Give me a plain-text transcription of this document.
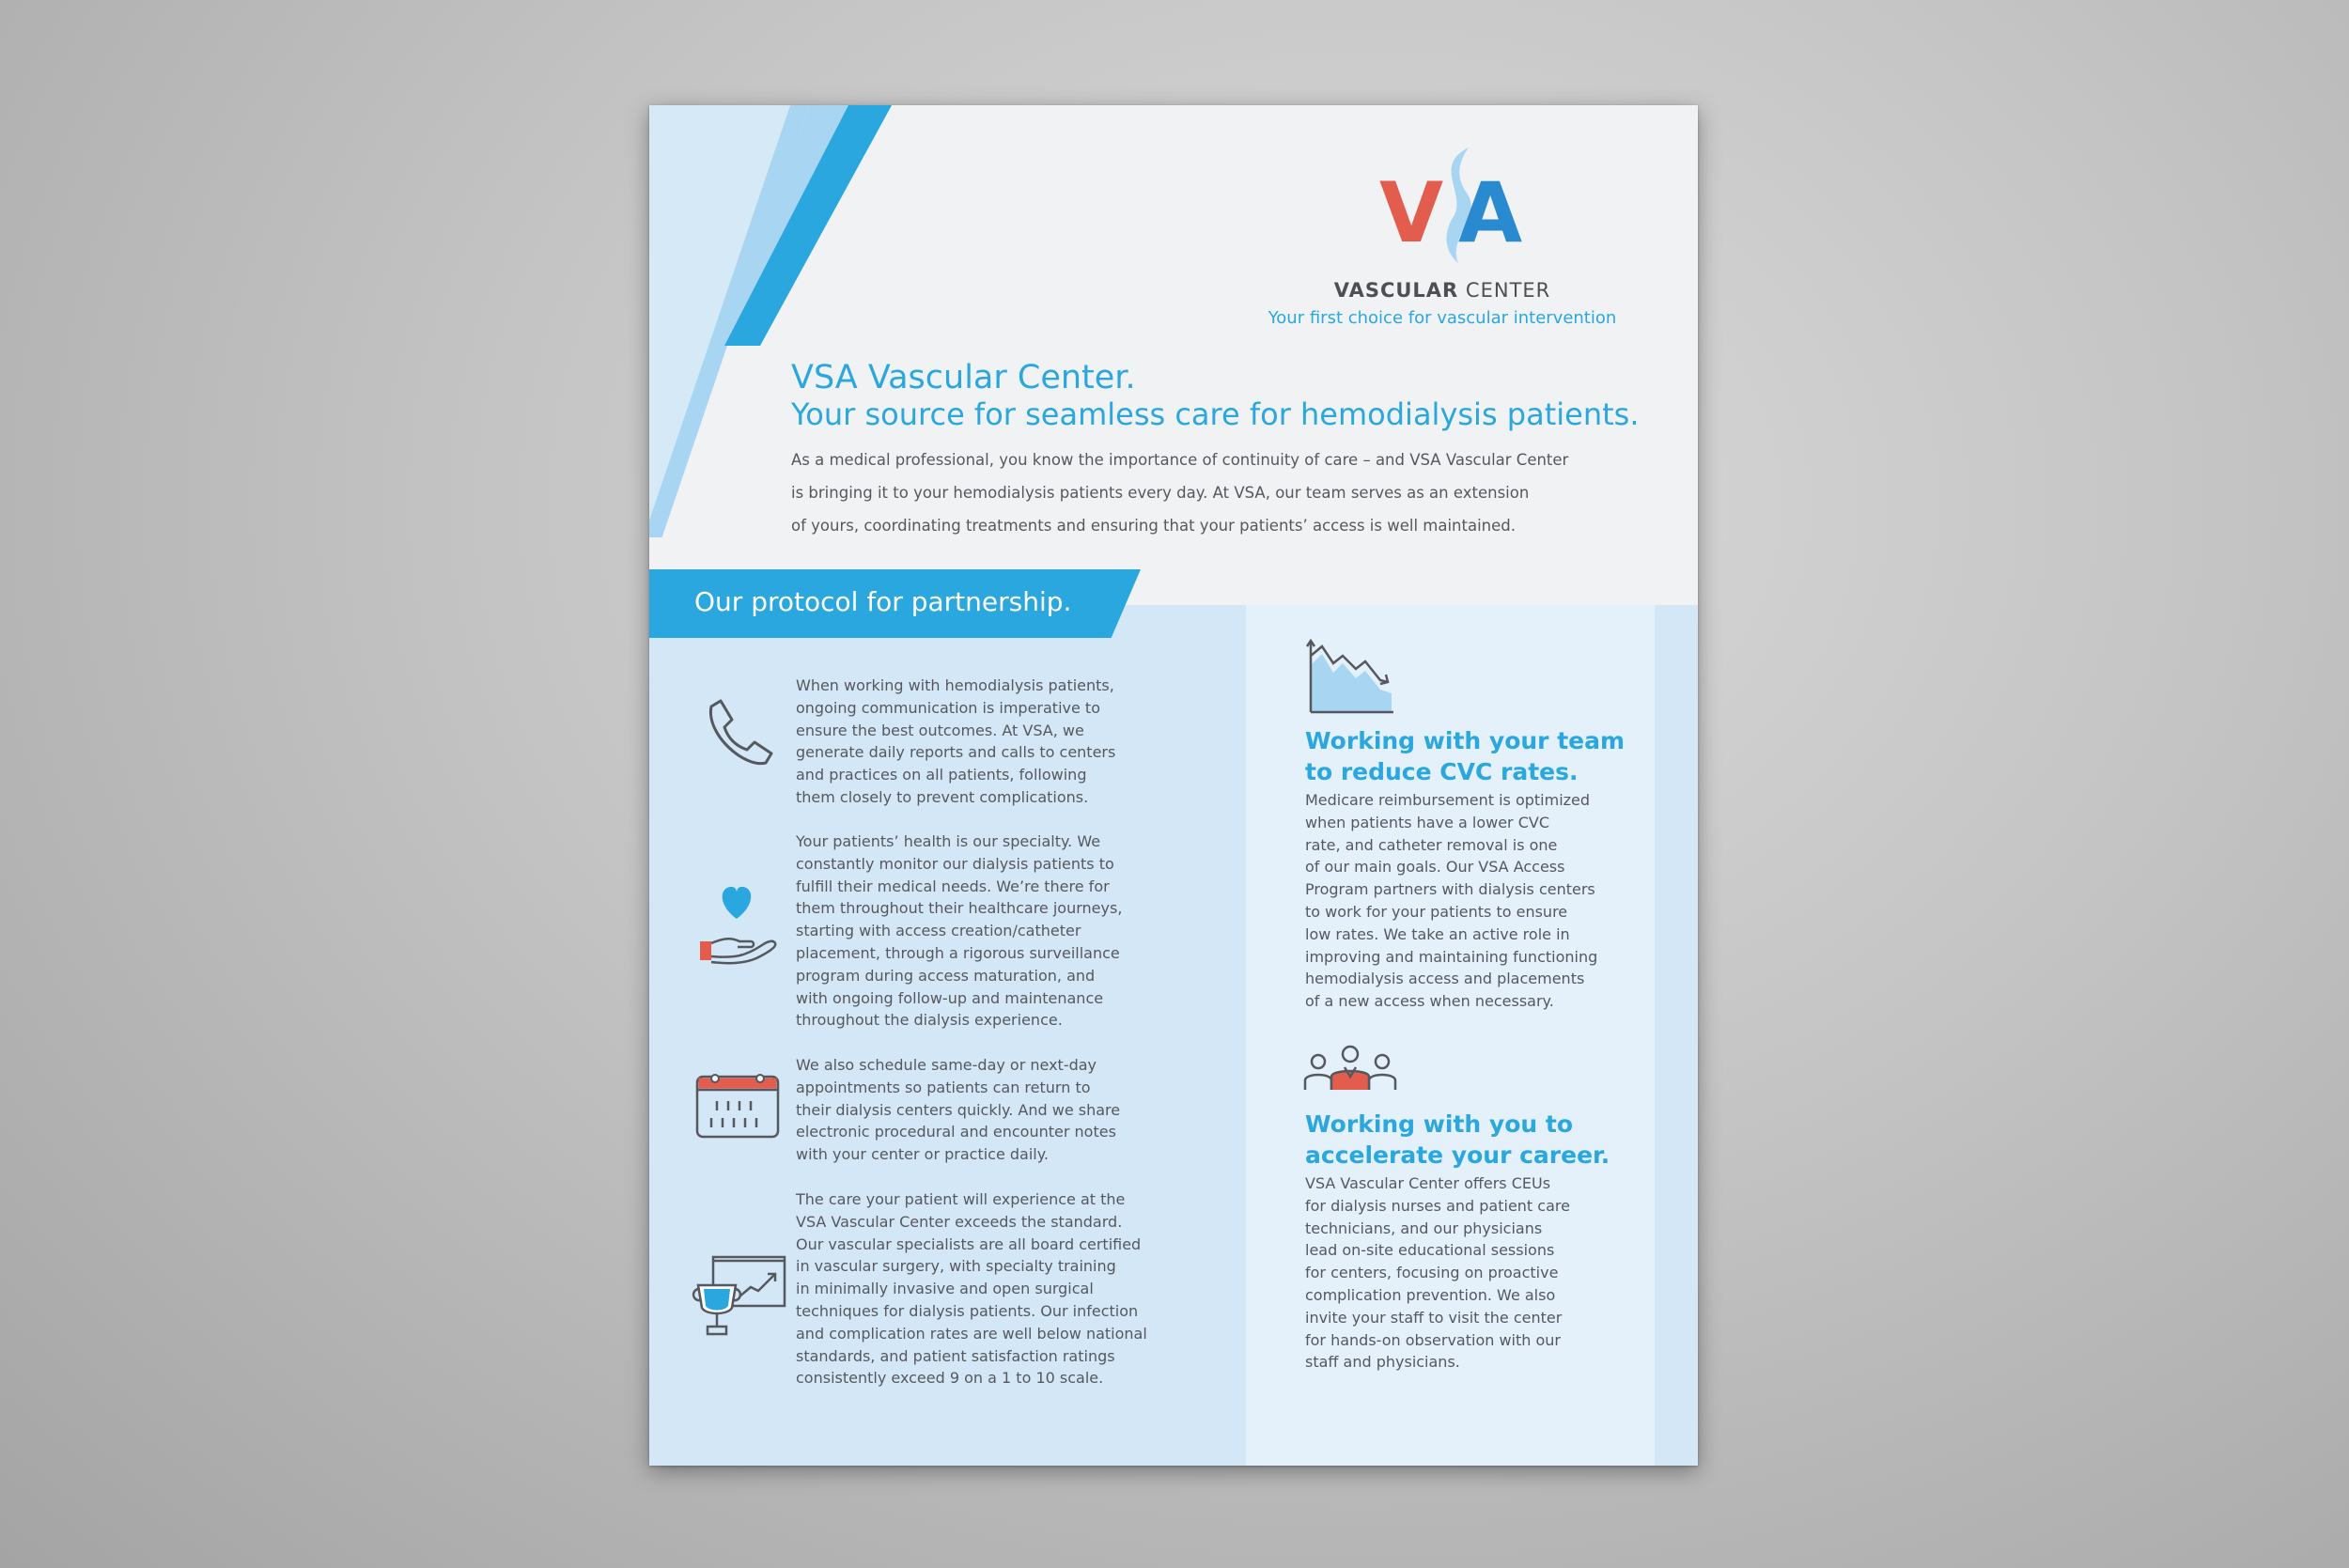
V A
VASCULAR CENTER
Your first choice for vascular intervention
VSA Vascular Center.
Your source for seamless care for hemodialysis patients.
As a medical professional, you know the importance of continuity of care – and VSA Vascular Center
is bringing it to your hemodialysis patients every day. At VSA, our team serves as an extension
of yours, coordinating treatments and ensuring that your patients’ access is well maintained.
Our protocol for partnership.
When working with hemodialysis patients,
ongoing communication is imperative to
ensure the best outcomes. At VSA, we
generate daily reports and calls to centers
and practices on all patients, following
them closely to prevent complications.
Your patients’ health is our specialty. We
constantly monitor our dialysis patients to
fulfill their medical needs. We’re there for
them throughout their healthcare journeys,
starting with access creation/catheter
placement, through a rigorous surveillance
program during access maturation, and
with ongoing follow-up and maintenance
throughout the dialysis experience.
We also schedule same-day or next-day
appointments so patients can return to
their dialysis centers quickly. And we share
electronic procedural and encounter notes
with your center or practice daily.
The care your patient will experience at the
VSA Vascular Center exceeds the standard.
Our vascular specialists are all board certified
in vascular surgery, with specialty training
in minimally invasive and open surgical
techniques for dialysis patients. Our infection
and complication rates are well below national
standards, and patient satisfaction ratings
consistently exceed 9 on a 1 to 10 scale.
Working with your team
to reduce CVC rates.
Medicare reimbursement is optimized
when patients have a lower CVC
rate, and catheter removal is one
of our main goals. Our VSA Access
Program partners with dialysis centers
to work for your patients to ensure
low rates. We take an active role in
improving and maintaining functioning
hemodialysis access and placements
of a new access when necessary.
Working with you to
accelerate your career.
VSA Vascular Center offers CEUs
for dialysis nurses and patient care
technicians, and our physicians
lead on-site educational sessions
for centers, focusing on proactive
complication prevention. We also
invite your staff to visit the center
for hands-on observation with our
staff and physicians.
